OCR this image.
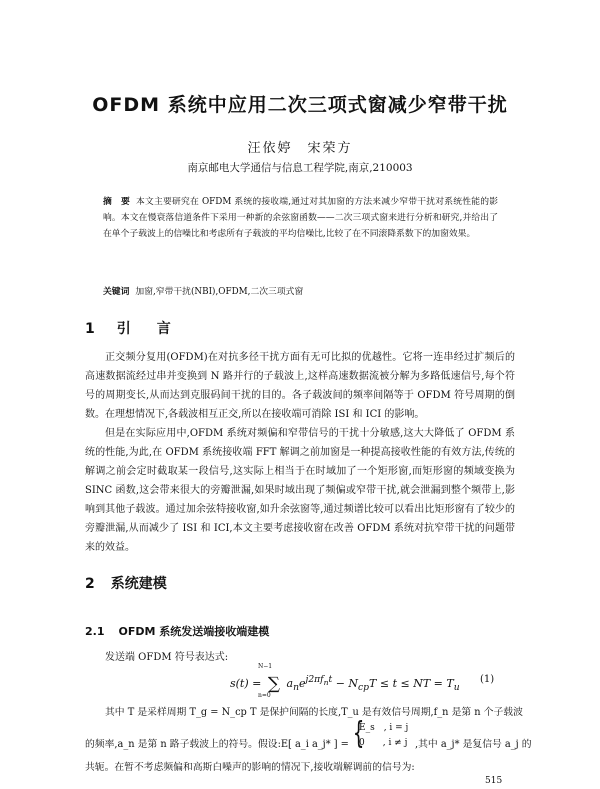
OFDM 系统中应用二次三项式窗减少窄带干扰
汪依婷　宋荣方
南京邮电大学通信与信息工程学院,南京,210003
摘　要 本文主要研究在 OFDM 系统的接收端,通过对其加窗的方法来减少窄带干扰对系统性能的影响。本文在慢衰落信道条件下采用一种新的余弦窗函数——二次三项式窗来进行分析和研究,并给出了在单个子载波上的信噪比和考虑所有子载波的平均信噪比,比较了在不同滚降系数下的加窗效果。
关键词 加窗,窄带干扰(NBI),OFDM,二次三项式窗
1 引　言
正交频分复用(OFDM)在对抗多径干扰方面有无可比拟的优越性。它将一连串经过扩频后的高速数据流经过串并变换到 N 路并行的子载波上,这样高速数据流被分解为多路低速信号,每个符号的周期变长,从而达到克服码间干扰的目的。各子载波间的频率间隔等于 OFDM 符号周期的倒数。在理想情况下,各载波相互正交,所以在接收端可消除 ISI 和 ICI 的影响。
但是在实际应用中,OFDM 系统对频偏和窄带信号的干扰十分敏感,这大大降低了 OFDM 系统的性能,为此,在 OFDM 系统接收端 FFT 解调之前加窗是一种提高接收性能的有效方法,传统的解调之前会定时截取某一段信号,这实际上相当于在时域加了一个矩形窗,而矩形窗的频域变换为 SINC 函数,这会带来很大的旁瓣泄漏,如果时域出现了频偏或窄带干扰,就会泄漏到整个频带上,影响到其他子载波。通过加余弦特接收窗,如升余弦窗等,通过频谱比较可以看出比矩形窗有了较少的旁瓣泄漏,从而减少了 ISI 和 ICI,本文主要考虑接收窗在改善 OFDM 系统对抗窄带干扰的问题带来的效益。
2 系统建模
2.1 OFDM 系统发送端接收端建模
发送端 OFDM 符号表达式:
s(t) = ∑
N−1
n=0
$a_ne^{j2\pi f_nt} - N_{cp}T \le t$ ≤ NT = $T_u$
(1)
其中 T 是采样周期 T_g = N_cp T 是保护间隔的长度,T_u 是有效信号周期,f_n 是第 n 个子载波
的频率,a_n 是第 n 路子载波上的符号。假设:E[ a_i a_j* ] = {
E_s　, i = j
0　　, i ≠ j ,其中 a_j* 是复信号 a_j 的
共轭。在暂不考虑频偏和高斯白噪声的影响的情况下,接收端解调前的信号为:
515
